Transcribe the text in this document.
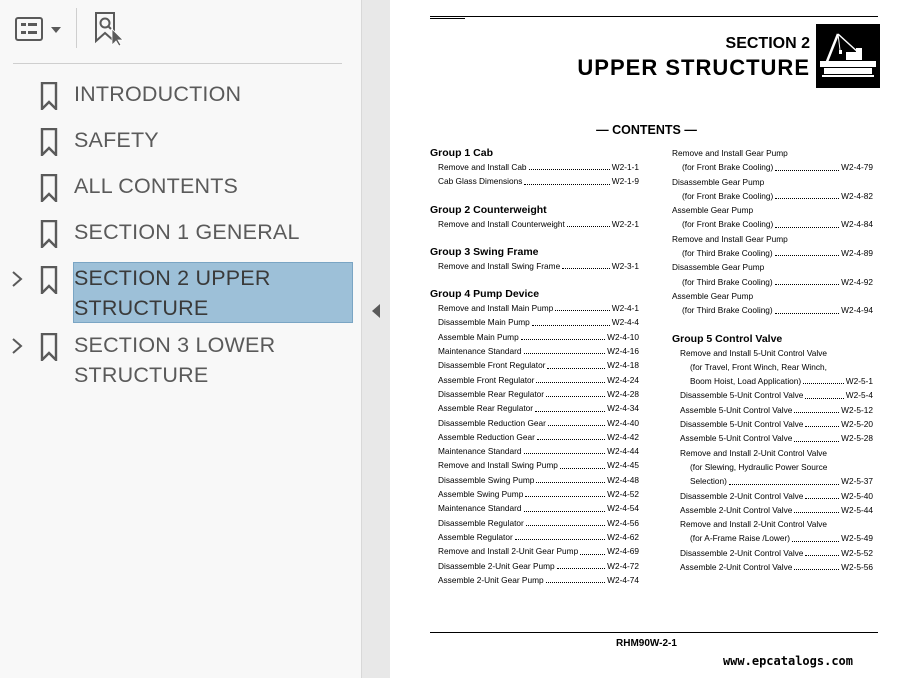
INTRODUCTION
SAFETY
ALL CONTENTS
SECTION 1 GENERAL
SECTION 2 UPPER
STRUCTURE
SECTION 3 LOWER
STRUCTURE
SECTION 2
UPPER STRUCTURE
— CONTENTS —
Group 1 Cab
Remove and Install Cab	W2-1-1
Cab Glass Dimensions	W2-1-9
Group 2 Counterweight
Remove and Install Counterweight	W2-2-1
Group 3 Swing Frame
Remove and Install Swing Frame	W2-3-1
Group 4 Pump Device
Remove and Install Main Pump	W2-4-1
Disassemble Main Pump	W2-4-4
Assemble Main Pump	W2-4-10
Maintenance Standard	W2-4-16
Disassemble Front Regulator	W2-4-18
Assemble Front Regulator	W2-4-24
Disassemble Rear Regulator	W2-4-28
Assemble Rear Regulator	W2-4-34
Disassemble Reduction Gear	W2-4-40
Assemble Reduction Gear	W2-4-42
Maintenance Standard	W2-4-44
Remove and Install Swing Pump	W2-4-45
Disassemble Swing Pump	W2-4-48
Assemble Swing Pump	W2-4-52
Maintenance Standard	W2-4-54
Disassemble Regulator	W2-4-56
Assemble Regulator	W2-4-62
Remove and Install 2-Unit Gear Pump	W2-4-69
Disassemble 2-Unit Gear Pump	W2-4-72
Assemble 2-Unit Gear Pump	W2-4-74
Remove and Install Gear Pump
(for Front Brake Cooling)	W2-4-79
Disassemble Gear Pump
(for Front Brake Cooling)	W2-4-82
Assemble Gear Pump
(for Front Brake Cooling)	W2-4-84
Remove and Install Gear Pump
(for Third Brake Cooling)	W2-4-89
Disassemble Gear Pump
(for Third Brake Cooling)	W2-4-92
Assemble Gear Pump
(for Third Brake Cooling)	W2-4-94
Group 5 Control Valve
Remove and Install 5-Unit Control Valve
(for Travel, Front Winch, Rear Winch,
Boom Hoist, Load Application)	W2-5-1
Disassemble 5-Unit Control Valve	W2-5-4
Assemble 5-Unit Control Valve	W2-5-12
Disassemble 5-Unit Control Valve	W2-5-20
Assemble 5-Unit Control Valve	W2-5-28
Remove and Install 2-Unit Control Valve
(for Slewing, Hydraulic Power Source
Selection)	W2-5-37
Disassemble 2-Unit Control Valve	W2-5-40
Assemble 2-Unit Control Valve	W2-5-44
Remove and Install 2-Unit Control Valve
(for A-Frame Raise /Lower)	W2-5-49
Disassemble 2-Unit Control Valve	W2-5-52
Assemble 2-Unit Control Valve	W2-5-56
RHM90W-2-1
www.epcatalogs.com
